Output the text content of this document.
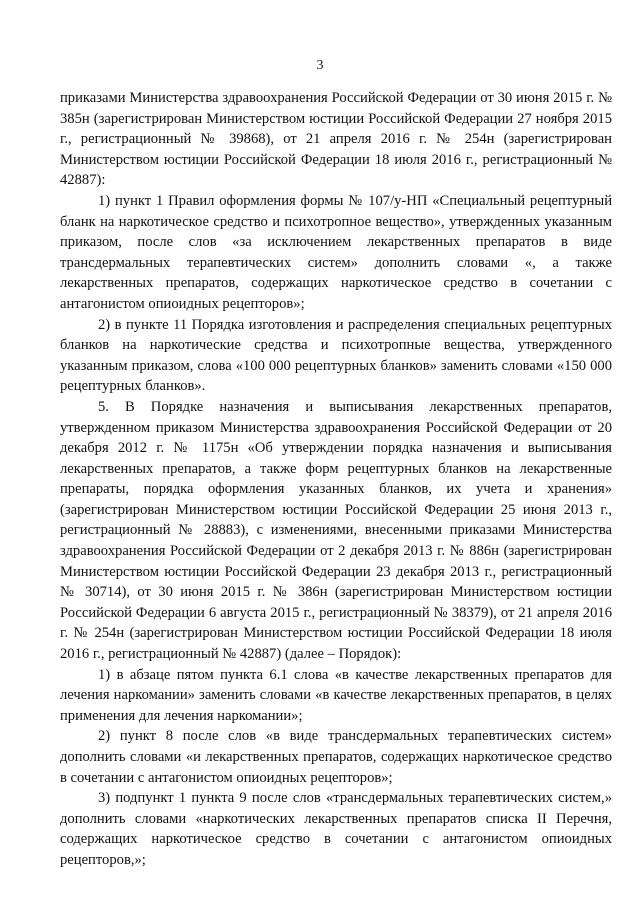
3

приказами Министерства здравоохранения Российской Федерации от 30 июня 2015 г. № 385н (зарегистрирован Министерством юстиции Российской Федерации 27 ноября 2015 г., регистрационный № 39868), от 21 апреля 2016 г. № 254н (зарегистрирован Министерством юстиции Российской Федерации 18 июля 2016 г., регистрационный № 42887):

1) пункт 1 Правил оформления формы № 107/у-НП «Специальный рецептурный бланк на наркотическое средство и психотропное вещество», утвержденных указанным приказом, после слов «за исключением лекарственных препаратов в виде трансдермальных терапевтических систем» дополнить словами «, а также лекарственных препаратов, содержащих наркотическое средство в сочетании с антагонистом опиоидных рецепторов»;

2) в пункте 11 Порядка изготовления и распределения специальных рецептурных бланков на наркотические средства и психотропные вещества, утвержденного указанным приказом, слова «100 000 рецептурных бланков» заменить словами «150 000 рецептурных бланков».

5. В Порядке назначения и выписывания лекарственных препаратов, утвержденном приказом Министерства здравоохранения Российской Федерации от 20 декабря 2012 г. № 1175н «Об утверждении порядка назначения и выписывания лекарственных препаратов, а также форм рецептурных бланков на лекарственные препараты, порядка оформления указанных бланков, их учета и хранения» (зарегистрирован Министерством юстиции Российской Федерации 25 июня 2013 г., регистрационный № 28883), с изменениями, внесенными приказами Министерства здравоохранения Российской Федерации от 2 декабря 2013 г. № 886н (зарегистрирован Министерством юстиции Российской Федерации 23 декабря 2013 г., регистрационный № 30714), от 30 июня 2015 г. № 386н (зарегистрирован Министерством юстиции Российской Федерации 6 августа 2015 г., регистрационный № 38379), от 21 апреля 2016 г. № 254н (зарегистрирован Министерством юстиции Российской Федерации 18 июля 2016 г., регистрационный № 42887) (далее – Порядок):

1) в абзаце пятом пункта 6.1 слова «в качестве лекарственных препаратов для лечения наркомании» заменить словами «в качестве лекарственных препаратов, в целях применения для лечения наркомании»;

2) пункт 8 после слов «в виде трансдермальных терапевтических систем» дополнить словами «и лекарственных препаратов, содержащих наркотическое средство в сочетании с антагонистом опиоидных рецепторов»;

3) подпункт 1 пункта 9 после слов «трансдермальных терапевтических систем,» дополнить словами «наркотических лекарственных препаратов списка II Перечня, содержащих наркотическое средство в сочетании с антагонистом опиоидных рецепторов,»;
